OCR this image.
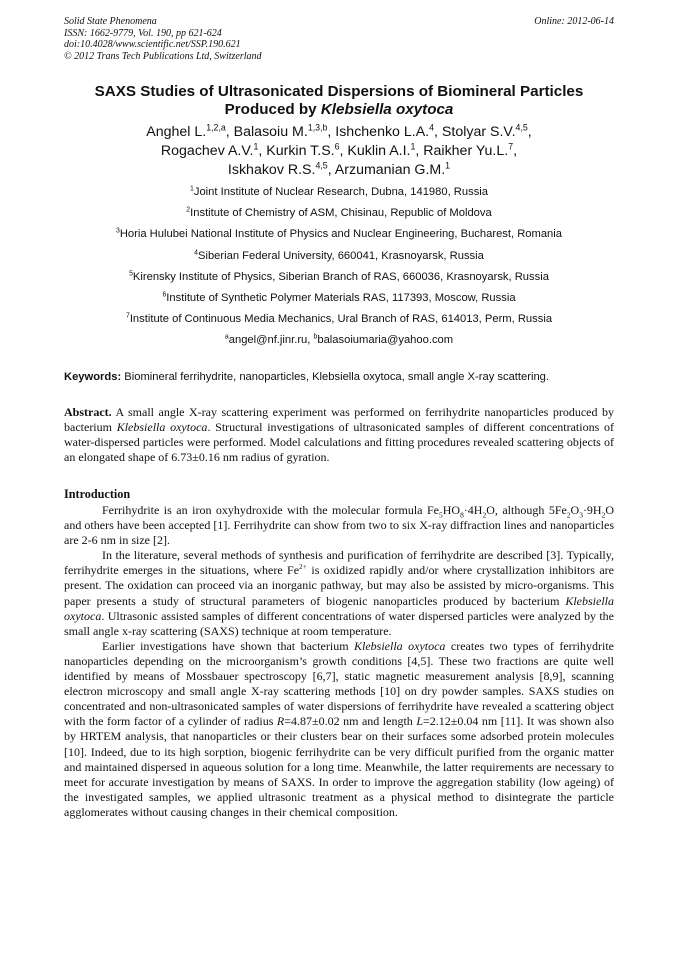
Solid State Phenomena
ISSN: 1662-9779, Vol. 190, pp 621-624
doi:10.4028/www.scientific.net/SSP.190.621
© 2012 Trans Tech Publications Ltd, Switzerland
Online: 2012-06-14
SAXS Studies of Ultrasonicated Dispersions of Biomineral Particles
Produced by Klebsiella oxytoca
Anghel L.$^{1,2,a}$, Balasoiu M.$^{1,3,b}$, Ishchenko L.A.$^4$, Stolyar S.V.$^{4,5}$,
Rogachev A.V.$^1$, Kurkin T.S.$^6$, Kuklin A.I.$^1$, Raikher Yu.L.$^7$,
Iskhakov R.S.$^{4,5}$, Arzumanian G.M.$^1$
$^1$Joint Institute of Nuclear Research, Dubna, 141980, Russia
$^2$Institute of Chemistry of ASM, Chisinau, Republic of Moldova
$^3$Horia Hulubei National Institute of Physics and Nuclear Engineering, Bucharest, Romania
$^4$Siberian Federal University, 660041, Krasnoyarsk, Russia
$^5$Kirensky Institute of Physics, Siberian Branch of RAS, 660036, Krasnoyarsk, Russia
$^6$Institute of Synthetic Polymer Materials RAS, 117393, Moscow, Russia
$^7$Institute of Continuous Media Mechanics, Ural Branch of RAS, 614013, Perm, Russia
$^a$angel@nf.jinr.ru, $^b$balasoiumaria@yahoo.com
Keywords: Biomineral ferrihydrite, nanoparticles, Klebsiella oxytoca, small angle X-ray scattering.
Abstract. A small angle X-ray scattering experiment was performed on ferrihydrite nanoparticles produced by bacterium Klebsiella oxytoca. Structural investigations of ultrasonicated samples of different concentrations of water-dispersed particles were performed. Model calculations and fitting procedures revealed scattering objects of an elongated shape of 6.73±0.16 nm radius of gyration.
Introduction

Ferrihydrite is an iron oxyhydroxide with the molecular formula $Fe_5HO_8\cdot 4H_2O$, although $5Fe_2O_3\cdot 9H_2O$ and others have been accepted [1]. Ferrihydrite can show from two to six X-ray diffraction lines and nanoparticles are 2-6 nm in size [2].

In the literature, several methods of synthesis and purification of ferrihydrite are described [3]. Typically, ferrihydrite emerges in the situations, where $Fe^{2+}$ is oxidized rapidly and/or where crystallization inhibitors are present. The oxidation can proceed via an inorganic pathway, but may also be assisted by micro-organisms. This paper presents a study of structural parameters of biogenic nanoparticles produced by bacterium Klebsiella oxytoca. Ultrasonic assisted samples of different concentrations of water dispersed particles were analyzed by the small angle x-ray scattering (SAXS) technique at room temperature.

Earlier investigations have shown that bacterium Klebsiella oxytoca creates two types of ferrihydrite nanoparticles depending on the microorganism’s growth conditions [4,5]. These two fractions are quite well identified by means of Mossbauer spectroscopy [6,7], static magnetic measurement analysis [8,9], scanning electron microscopy and small angle X-ray scattering methods [10] on dry powder samples. SAXS studies on concentrated and non-ultrasonicated samples of water dispersions of ferrihydrite have revealed a scattering object with the form factor of a cylinder of radius R=4.87±0.02 nm and length L=2.12±0.04 nm [11]. It was shown also by HRTEM analysis, that nanoparticles or their clusters bear on their surfaces some adsorbed protein molecules [10]. Indeed, due to its high sorption, biogenic ferrihydrite can be very difficult purified from the organic matter and maintained dispersed in aqueous solution for a long time. Meanwhile, the latter requirements are necessary to meet for accurate investigation by means of SAXS. In order to improve the aggregation stability (low ageing) of the investigated samples, we applied ultrasonic treatment as a physical method to disintegrate the particle agglomerates without causing changes in their chemical composition.
